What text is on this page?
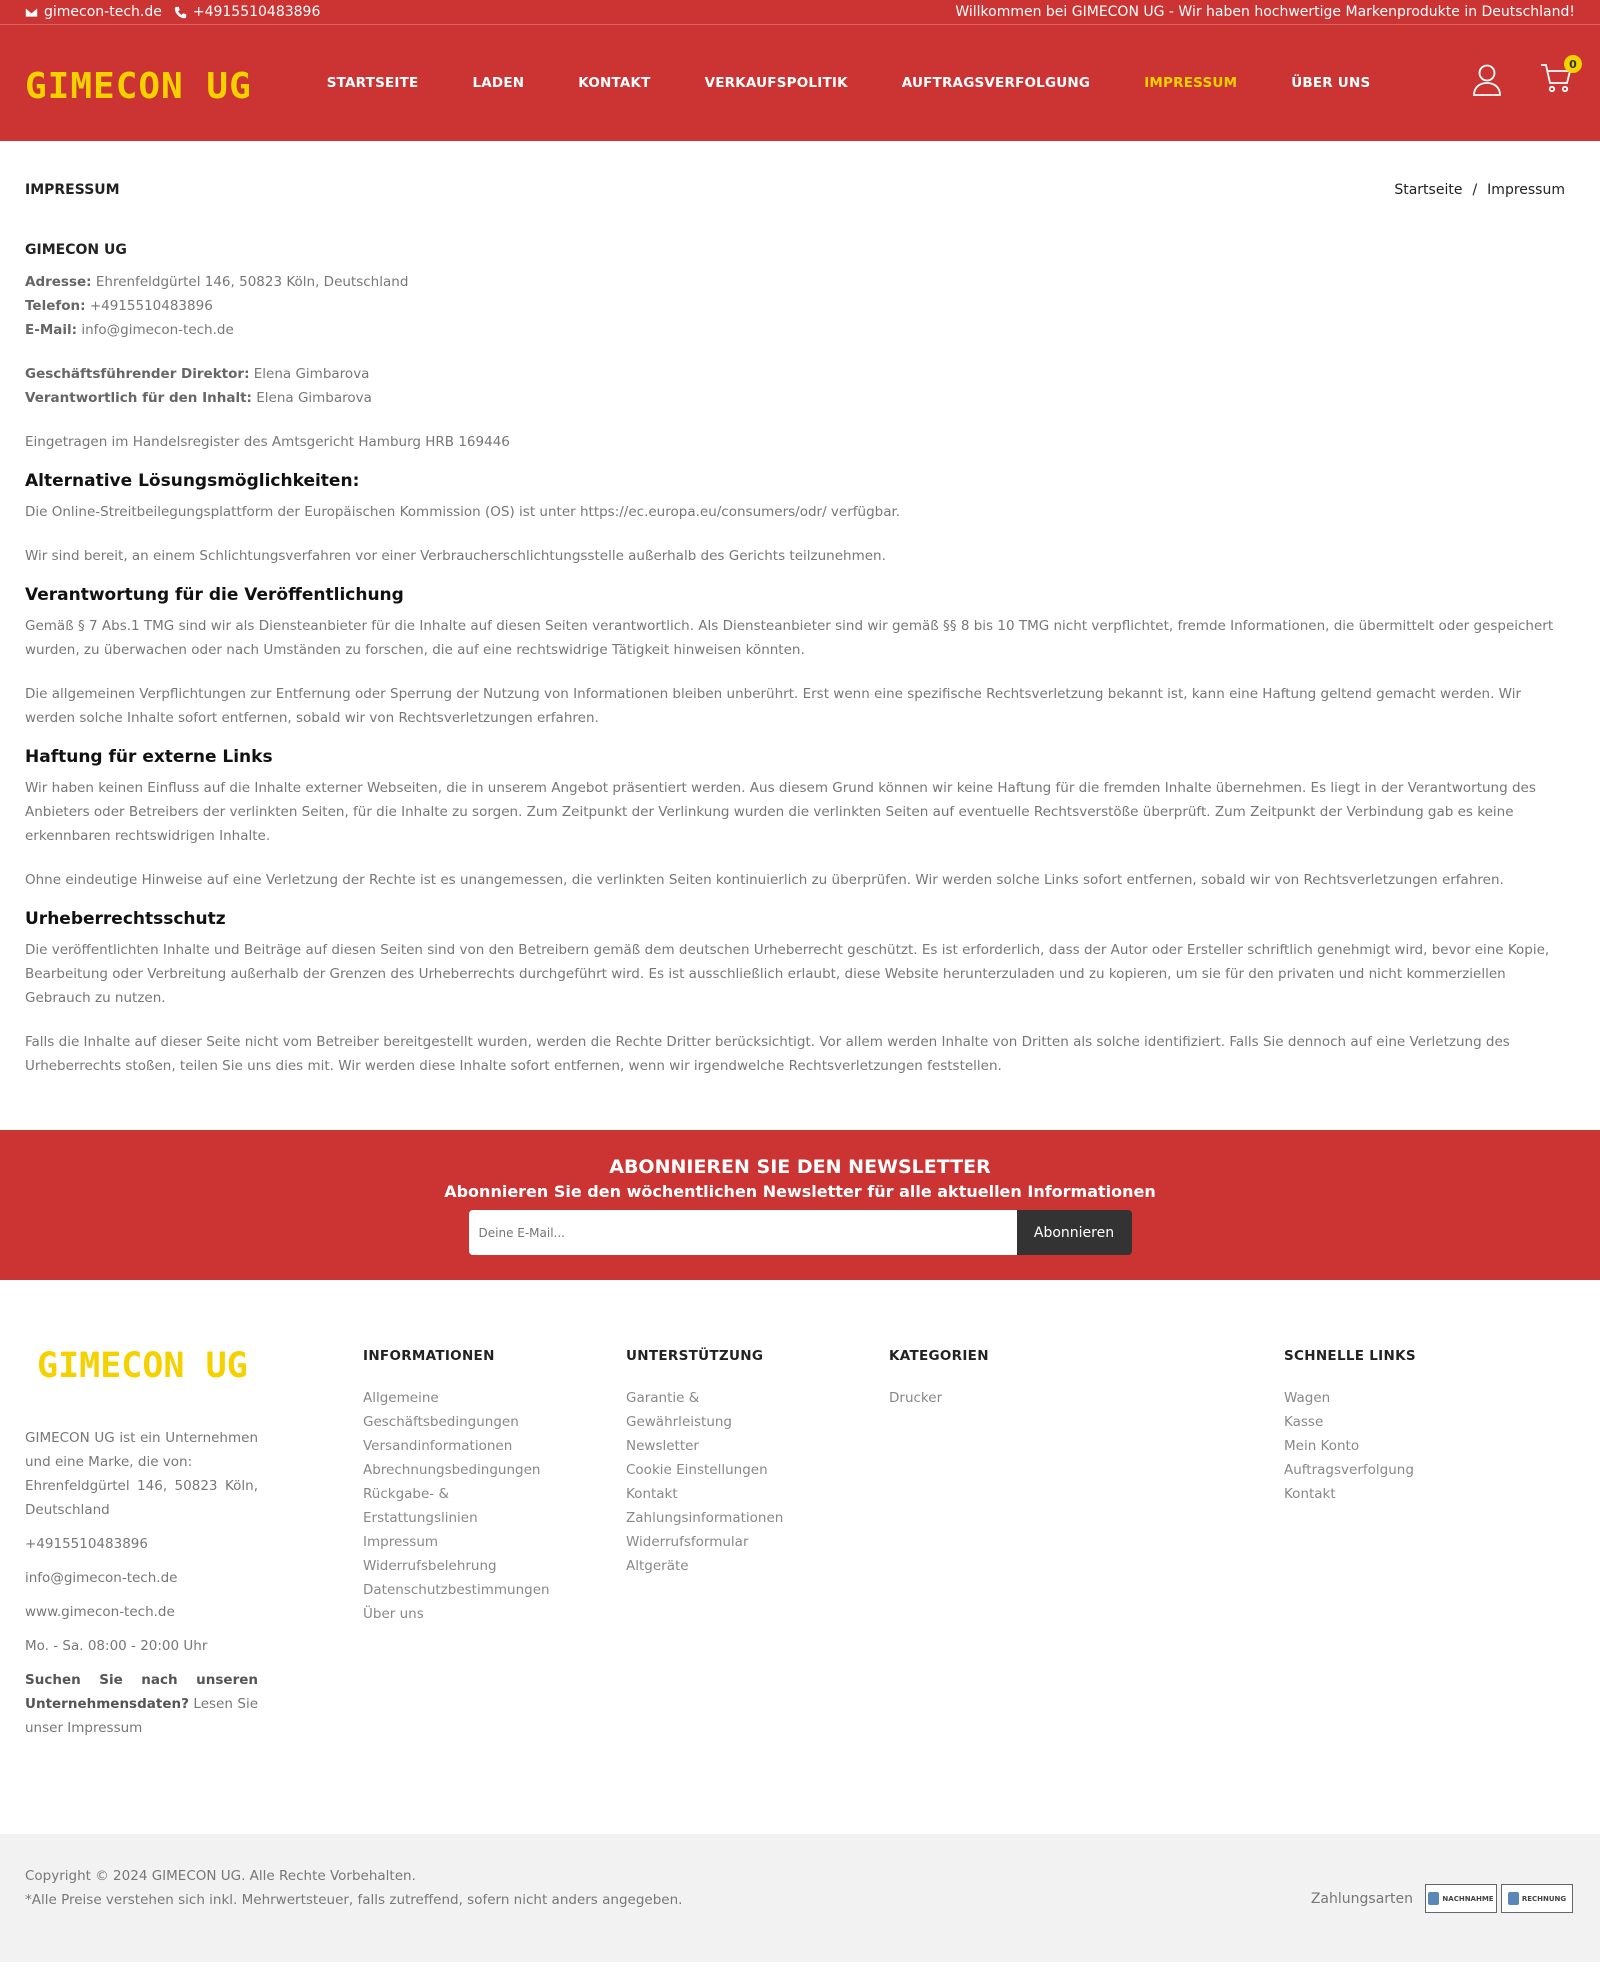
gimecon-tech.de +4915510483896	Willkommen bei GIMECON UG - Wir haben hochwertige Markenprodukte in Deutschland!
GIMECON UG	STARTSEITE	LADEN	KONTAKT	VERKAUFSPOLITIK	AUFTRAGSVERFOLGUNG	IMPRESSUM	ÜBER UNS
0
IMPRESSUM	Startseite / Impressum
GIMECON UG

Adresse: Ehrenfeldgürtel 146, 50823 Köln, Deutschland

Telefon: +4915510483896

E-Mail: info@gimecon-tech.de

Geschäftsführender Direktor: Elena Gimbarova

Verantwortlich für den Inhalt: Elena Gimbarova

Eingetragen im Handelsregister des Amtsgericht Hamburg HRB 169446

Alternative Lösungsmöglichkeiten:

Die Online-Streitbeilegungsplattform der Europäischen Kommission (OS) ist unter https://ec.europa.eu/consumers/odr/ verfügbar.

Wir sind bereit, an einem Schlichtungsverfahren vor einer Verbraucherschlichtungsstelle außerhalb des Gerichts teilzunehmen.

Verantwortung für die Veröffentlichung

Gemäß § 7 Abs.1 TMG sind wir als Diensteanbieter für die Inhalte auf diesen Seiten verantwortlich. Als Diensteanbieter sind wir gemäß §§ 8 bis 10 TMG nicht verpflichtet, fremde Informationen, die übermittelt oder gespeichert wurden, zu überwachen oder nach Umständen zu forschen, die auf eine rechtswidrige Tätigkeit hinweisen könnten.

Die allgemeinen Verpflichtungen zur Entfernung oder Sperrung der Nutzung von Informationen bleiben unberührt. Erst wenn eine spezifische Rechtsverletzung bekannt ist, kann eine Haftung geltend gemacht werden. Wir werden solche Inhalte sofort entfernen, sobald wir von Rechtsverletzungen erfahren.

Haftung für externe Links

Wir haben keinen Einfluss auf die Inhalte externer Webseiten, die in unserem Angebot präsentiert werden. Aus diesem Grund können wir keine Haftung für die fremden Inhalte übernehmen. Es liegt in der Verantwortung des Anbieters oder Betreibers der verlinkten Seiten, für die Inhalte zu sorgen. Zum Zeitpunkt der Verlinkung wurden die verlinkten Seiten auf eventuelle Rechtsverstöße überprüft. Zum Zeitpunkt der Verbindung gab es keine erkennbaren rechtswidrigen Inhalte.

Ohne eindeutige Hinweise auf eine Verletzung der Rechte ist es unangemessen, die verlinkten Seiten kontinuierlich zu überprüfen. Wir werden solche Links sofort entfernen, sobald wir von Rechtsverletzungen erfahren.

Urheberrechtsschutz

Die veröffentlichten Inhalte und Beiträge auf diesen Seiten sind von den Betreibern gemäß dem deutschen Urheberrecht geschützt. Es ist erforderlich, dass der Autor oder Ersteller schriftlich genehmigt wird, bevor eine Kopie, Bearbeitung oder Verbreitung außerhalb der Grenzen des Urheberrechts durchgeführt wird. Es ist ausschließlich erlaubt, diese Website herunterzuladen und zu kopieren, um sie für den privaten und nicht kommerziellen Gebrauch zu nutzen.

Falls die Inhalte auf dieser Seite nicht vom Betreiber bereitgestellt wurden, werden die Rechte Dritter berücksichtigt. Vor allem werden Inhalte von Dritten als solche identifiziert. Falls Sie dennoch auf eine Verletzung des Urheberrechts stoßen, teilen Sie uns dies mit. Wir werden diese Inhalte sofort entfernen, wenn wir irgendwelche Rechtsverletzungen feststellen.

ABONNIEREN SIE DEN NEWSLETTER
Abonnieren Sie den wöchentlichen Newsletter für alle aktuellen Informationen
Deine E-Mail...
Abonnieren
GIMECON UG

GIMECON UG ist ein Unternehmen und eine Marke, die von:

Ehrenfeldgürtel 146, 50823 Köln, Deutschland

+4915510483896

info@gimecon-tech.de

www.gimecon-tech.de

Mo. - Sa. 08:00 - 20:00 Uhr

Suchen Sie nach unseren Unternehmensdaten? Lesen Sie unser Impressum

INFORMATIONEN
Allgemeine Geschäftsbedingungen
Versandinformationen
Abrechnungsbedingungen
Rückgabe- & Erstattungslinien
Impressum
Widerrufsbelehrung
Datenschutzbestimmungen
Über uns
UNTERSTÜTZUNG
Garantie & Gewährleistung
Newsletter
Cookie Einstellungen
Kontakt
Zahlungsinformationen
Widerrufsformular
Altgeräte
KATEGORIEN
Drucker
SCHNELLE LINKS
Wagen
Kasse
Mein Konto
Auftragsverfolgung
Kontakt
Copyright © 2024 GIMECON UG. Alle Rechte Vorbehalten.
*Alle Preise verstehen sich inkl. Mehrwertsteuer, falls zutreffend, sofern nicht anders angegeben.	Zahlungsarten	NACHNAHME	RECHNUNG
